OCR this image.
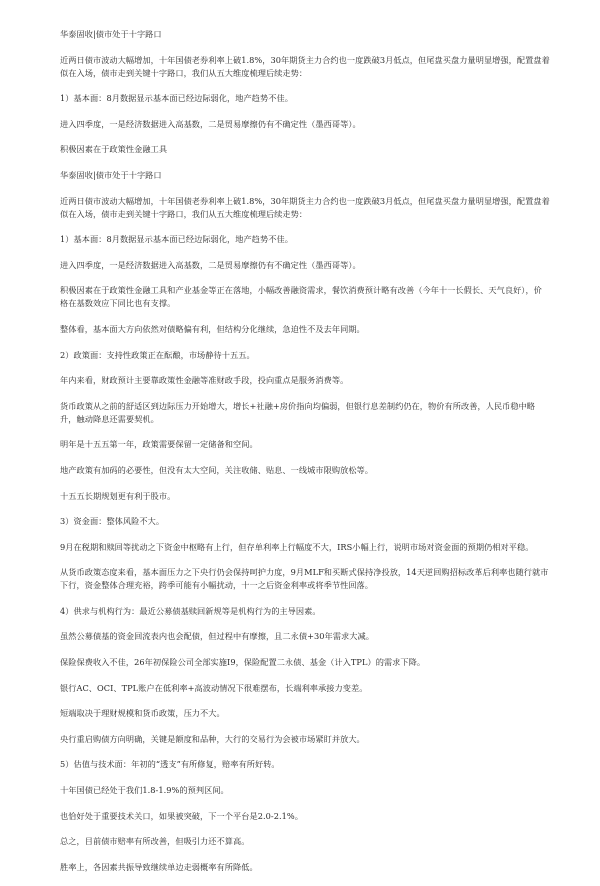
华泰固收|债市处于十字路口

近两日债市波动大幅增加，十年国债老券利率上破1.8%，30年期货主力合约也一度跌破3月低点，但尾盘买盘力量明显增强，配置盘着似在入场，债市走到关键十字路口，我们从五大维度梳理后续走势：

1）基本面：8月数据显示基本面已经边际弱化，地产趋势不佳。

进入四季度，一是经济数据进入高基数，二是贸易摩擦仍有不确定性（墨西哥等）。

积极因素在于政策性金融工具

华泰固收|债市处于十字路口

近两日债市波动大幅增加，十年国债老券利率上破1.8%，30年期货主力合约也一度跌破3月低点，但尾盘买盘力量明显增强，配置盘着似在入场，债市走到关键十字路口，我们从五大维度梳理后续走势：

1）基本面：8月数据显示基本面已经边际弱化，地产趋势不佳。

进入四季度，一是经济数据进入高基数，二是贸易摩擦仍有不确定性（墨西哥等）。

积极因素在于政策性金融工具和产业基金等正在落地，小幅改善融资需求，餐饮消费预计略有改善（今年十一长假长、天气良好），价格在基数效应下同比也有支撑。

整体看，基本面大方向依然对债略偏有利，但结构分化继续，急迫性不及去年同期。

2）政策面：支持性政策正在酝酿，市场静待十五五。

年内来看，财政预计主要靠政策性金融等准财政手段，投向重点是服务消费等。

货币政策从之前的舒适区到边际压力开始增大，增长+社融+房价指向均偏弱，但银行息差制约仍在，物价有所改善，人民币稳中略升，触动降息还需要契机。

明年是十五五第一年，政策需要保留一定储备和空间。

地产政策有加码的必要性，但没有太大空间，关注收储、贴息、一线城市限购放松等。

十五五长期规划更有利于股市。

3）资金面：整体风险不大。

9月在税期和赎回等扰动之下资金中枢略有上行，但存单利率上行幅度不大，IRS小幅上行，说明市场对资金面的预期仍相对平稳。

从货币政策态度来看，基本面压力之下央行仍会保持呵护力度，9月MLF和买断式保持净投放，14天逆回购招标改革后利率也随行就市下行，资金整体合理充裕，跨季可能有小幅扰动，十一之后资金利率或将季节性回落。

4）供求与机构行为：最近公募债基赎回新规等是机构行为的主导因素。

虽然公募债基的资金回流表内也会配债，但过程中有摩擦，且二永债+30年需求大减。

保险保费收入不佳，26年初保险公司全部实施I9，保险配置二永债、基金（计入TPL）的需求下降。

银行AC、OCI、TPL账户在低利率+高波动情况下很难摆布，长端利率承接力变差。

短端取决于理财规模和货币政策，压力不大。

央行重启购债方向明确，关键是额度和品种，大行的交易行为会被市场紧盯并放大。

5）估值与技术面：年初的“透支”有所修复，赔率有所好转。

十年国债已经处于我们1.8-1.9%的预判区间。

也恰好处于重要技术关口，如果被突破，下一个平台是2.0-2.1%。

总之，目前债市赔率有所改善，但吸引力还不算高。

胜率上，各因素共振导致继续单边走弱概率有所降低。
